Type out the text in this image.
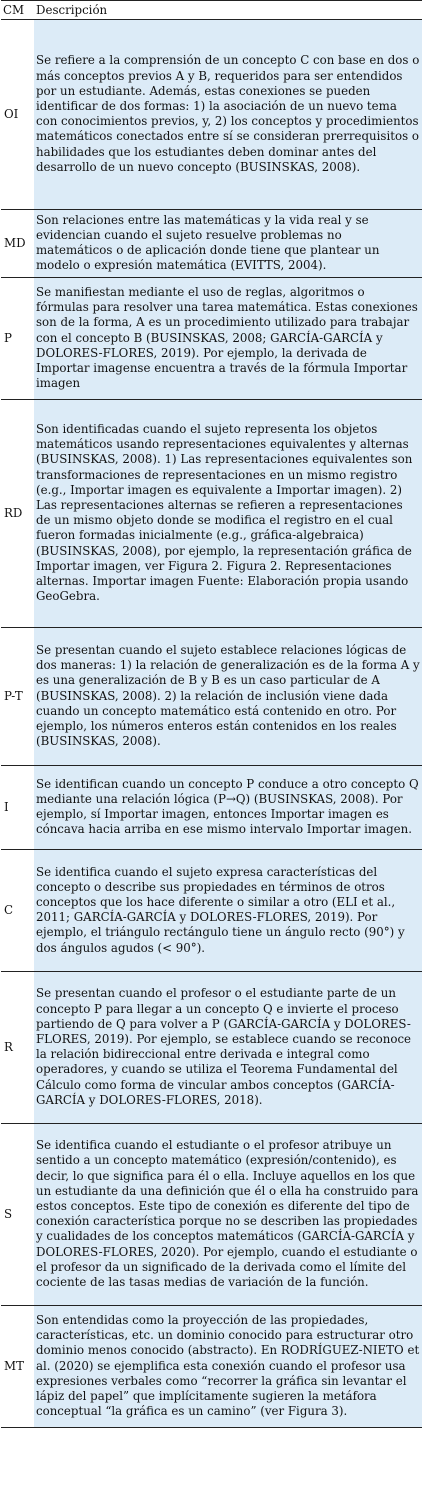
CM	Descripción
OI	Se refiere a la comprensión de un concepto C con base en dos o más conceptos previos A y B, requeridos para ser entendidos por un estudiante. Además, estas conexiones se pueden identificar de dos formas: 1) la asociación de un nuevo tema con conocimientos previos, y, 2) los conceptos y procedimientos matemáticos conectados entre sí se consideran prerrequisitos o habilidades que los estudiantes deben dominar antes del desarrollo de un nuevo concepto (BUSINSKAS, 2008).
MD	Son relaciones entre las matemáticas y la vida real y se evidencian cuando el sujeto resuelve problemas no matemáticos o de aplicación donde tiene que plantear un modelo o expresión matemática (EVITTS, 2004).
P	Se manifiestan mediante el uso de reglas, algoritmos o fórmulas para resolver una tarea matemática. Estas conexiones son de la forma, A es un procedimiento utilizado para trabajar con el concepto B (BUSINSKAS, 2008; GARCÍA-GARCÍA y DOLORES-FLORES, 2019). Por ejemplo, la derivada de Importar imagense encuentra a través de la fórmula Importar imagen
RD	Son identificadas cuando el sujeto representa los objetos matemáticos usando representaciones equivalentes y alternas (BUSINSKAS, 2008). 1) Las representaciones equivalentes son transformaciones de representaciones en un mismo registro (e.g., Importar imagen es equivalente a Importar imagen). 2) Las representaciones alternas se refieren a representaciones de un mismo objeto donde se modifica el registro en el cual fueron formadas inicialmente (e.g., gráfica-algebraica) (BUSINSKAS, 2008), por ejemplo, la representación gráfica de Importar imagen, ver Figura 2. Figura 2. Representaciones alternas. Importar imagen Fuente: Elaboración propia usando GeoGebra.
P-T	Se presentan cuando el sujeto establece relaciones lógicas de dos maneras: 1) la relación de generalización es de la forma A y es una generalización de B y B es un caso particular de A (BUSINSKAS, 2008). 2) la relación de inclusión viene dada cuando un concepto matemático está contenido en otro. Por ejemplo, los números enteros están contenidos en los reales (BUSINSKAS, 2008).
I	Se identifican cuando un concepto P conduce a otro concepto Q mediante una relación lógica (P→Q) (BUSINSKAS, 2008). Por ejemplo, sí Importar imagen, entonces Importar imagen es cóncava hacia arriba en ese mismo intervalo Importar imagen.
C	Se identifica cuando el sujeto expresa características del concepto o describe sus propiedades en términos de otros conceptos que los hace diferente o similar a otro (ELI et al., 2011; GARCÍA-GARCÍA y DOLORES-FLORES, 2019). Por ejemplo, el triángulo rectángulo tiene un ángulo recto (90°) y dos ángulos agudos (< 90°).
R	Se presentan cuando el profesor o el estudiante parte de un concepto P para llegar a un concepto Q e invierte el proceso partiendo de Q para volver a P (GARCÍA-GARCÍA y DOLORES-FLORES, 2019). Por ejemplo, se establece cuando se reconoce la relación bidireccional entre derivada e integral como operadores, y cuando se utiliza el Teorema Fundamental del Cálculo como forma de vincular ambos conceptos (GARCÍA-GARCÍA y DOLORES-FLORES, 2018).
S	Se identifica cuando el estudiante o el profesor atribuye un sentido a un concepto matemático (expresión/contenido), es decir, lo que significa para él o ella. Incluye aquellos en los que un estudiante da una definición que él o ella ha construido para estos conceptos. Este tipo de conexión es diferente del tipo de conexión característica porque no se describen las propiedades y cualidades de los conceptos matemáticos (GARCÍA-GARCÍA y DOLORES-FLORES, 2020). Por ejemplo, cuando el estudiante o el profesor da un significado de la derivada como el límite del cociente de las tasas medias de variación de la función.
MT	Son entendidas como la proyección de las propiedades, características, etc. un dominio conocido para estructurar otro dominio menos conocido (abstracto). En RODRÍGUEZ-NIETO et al. (2020) se ejemplifica esta conexión cuando el profesor usa expresiones verbales como “recorrer la gráfica sin levantar el lápiz del papel” que implícitamente sugieren la metáfora conceptual “la gráfica es un camino” (ver Figura 3).
